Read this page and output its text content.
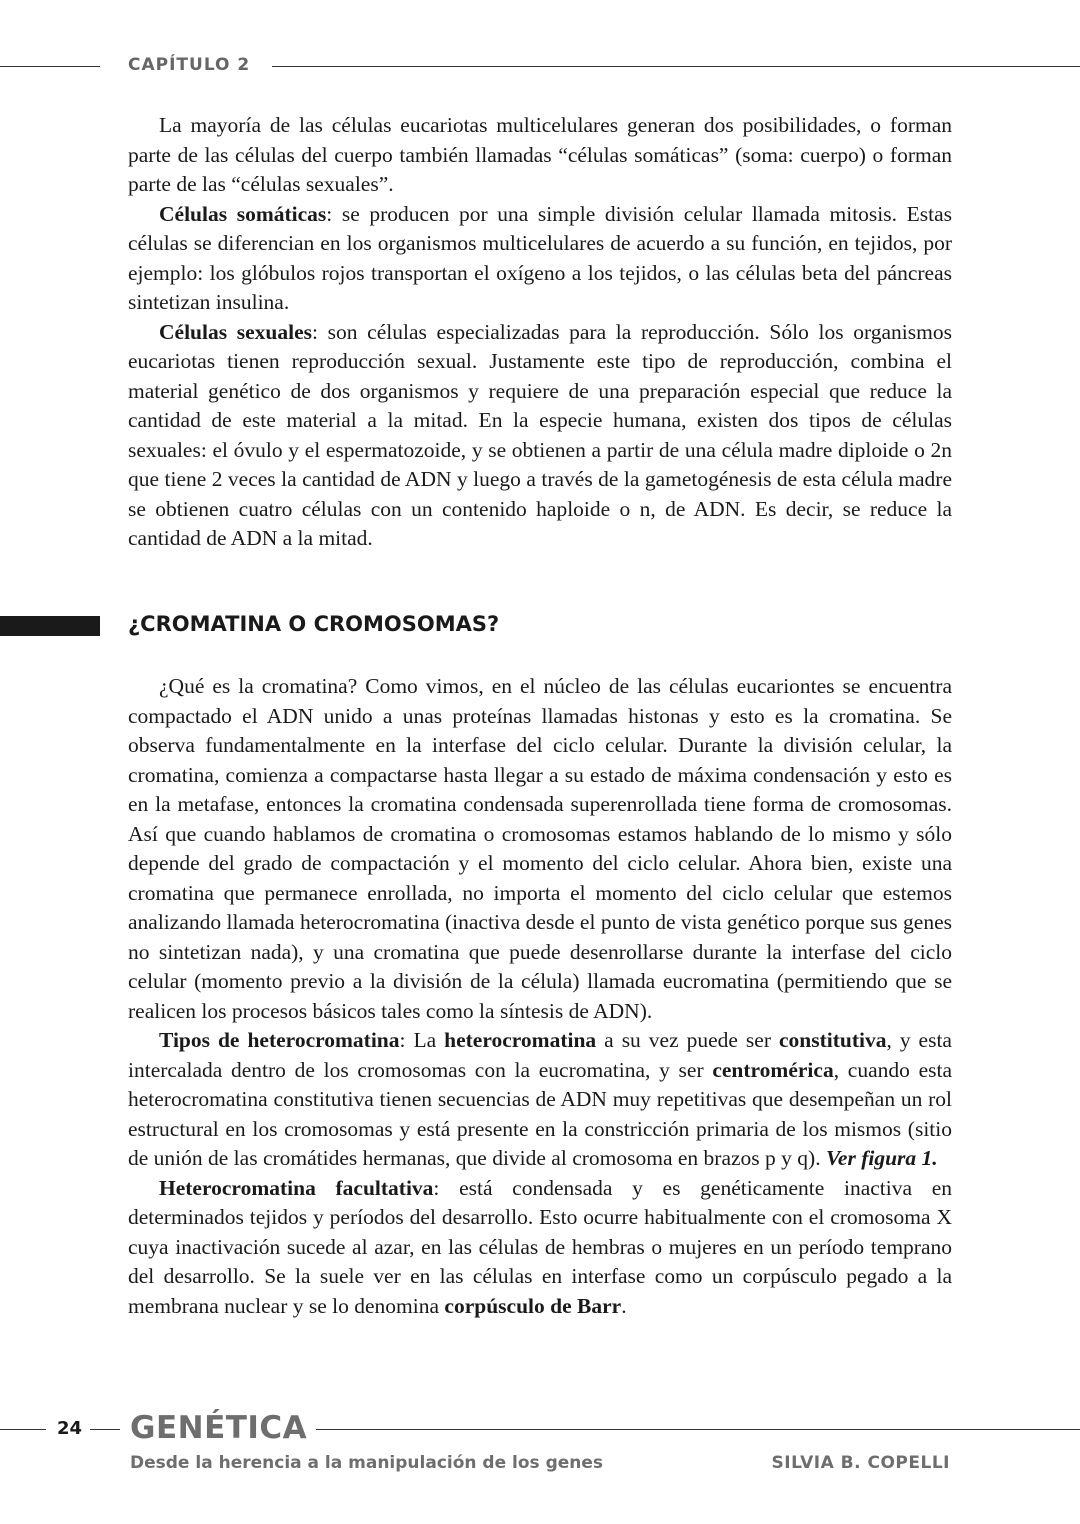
CAPÍTULO 2

La mayoría de las células eucariotas multicelulares generan dos posibilidades, o forman parte de las células del cuerpo también llamadas “células somáticas” (soma: cuerpo) o forman parte de las “células sexuales”.

Células somáticas: se producen por una simple división celular llamada mitosis. Estas células se diferencian en los organismos multicelulares de acuerdo a su función, en tejidos, por ejemplo: los glóbulos rojos transportan el oxígeno a los tejidos, o las células beta del páncreas sintetizan insulina.

Células sexuales: son células especializadas para la reproducción. Sólo los organismos eucariotas tienen reproducción sexual. Justamente este tipo de reproducción, combina el material genético de dos organismos y requiere de una preparación especial que reduce la cantidad de este material a la mitad. En la especie humana, existen dos tipos de células sexuales: el óvulo y el espermatozoide, y se obtienen a partir de una célula madre diploide o 2n que tiene 2 veces la cantidad de ADN y luego a través de la gametogénesis de esta célula madre se obtienen cuatro células con un contenido haploide o n, de ADN. Es decir, se reduce la cantidad de ADN a la mitad.

¿CROMATINA O CROMOSOMAS?

¿Qué es la cromatina? Como vimos, en el núcleo de las células eucariontes se encuentra compactado el ADN unido a unas proteínas llamadas histonas y esto es la cromatina. Se observa fundamentalmente en la interfase del ciclo celular. Durante la división celular, la cromatina, comienza a compactarse hasta llegar a su estado de máxima condensación y esto es en la metafase, entonces la cromatina condensada superenrollada tiene forma de cromosomas. Así que cuando hablamos de cromatina o cromosomas estamos hablando de lo mismo y sólo depende del grado de compactación y el momento del ciclo celular. Ahora bien, existe una cromatina que permanece enrollada, no importa el momento del ciclo celular que estemos analizando llamada heterocromatina (inactiva desde el punto de vista genético porque sus genes no sintetizan nada), y una cromatina que puede desenrollarse durante la interfase del ciclo celular (momento previo a la división de la célula) llamada eucromatina (permitiendo que se realicen los procesos básicos tales como la síntesis de ADN).

Tipos de heterocromatina: La heterocromatina a su vez puede ser constitutiva, y esta intercalada dentro de los cromosomas con la eucromatina, y ser centromérica, cuando esta heterocromatina constitutiva tienen secuencias de ADN muy repetitivas que desempeñan un rol estructural en los cromosomas y está presente en la constricción primaria de los mismos (sitio de unión de las cromátides hermanas, que divide al cromosoma en brazos p y q). Ver figura 1.

Heterocromatina facultativa: está condensada y es genéticamente inactiva en determinados tejidos y períodos del desarrollo. Esto ocurre habitualmente con el cromosoma X cuya inactivación sucede al azar, en las células de hembras o mujeres en un período temprano del desarrollo. Se la suele ver en las células en interfase como un corpúsculo pegado a la membrana nuclear y se lo denomina corpúsculo de Barr.

24 GENÉTICA
Desde la herencia a la manipulación de los genes	SILVIA B. COPELLI
